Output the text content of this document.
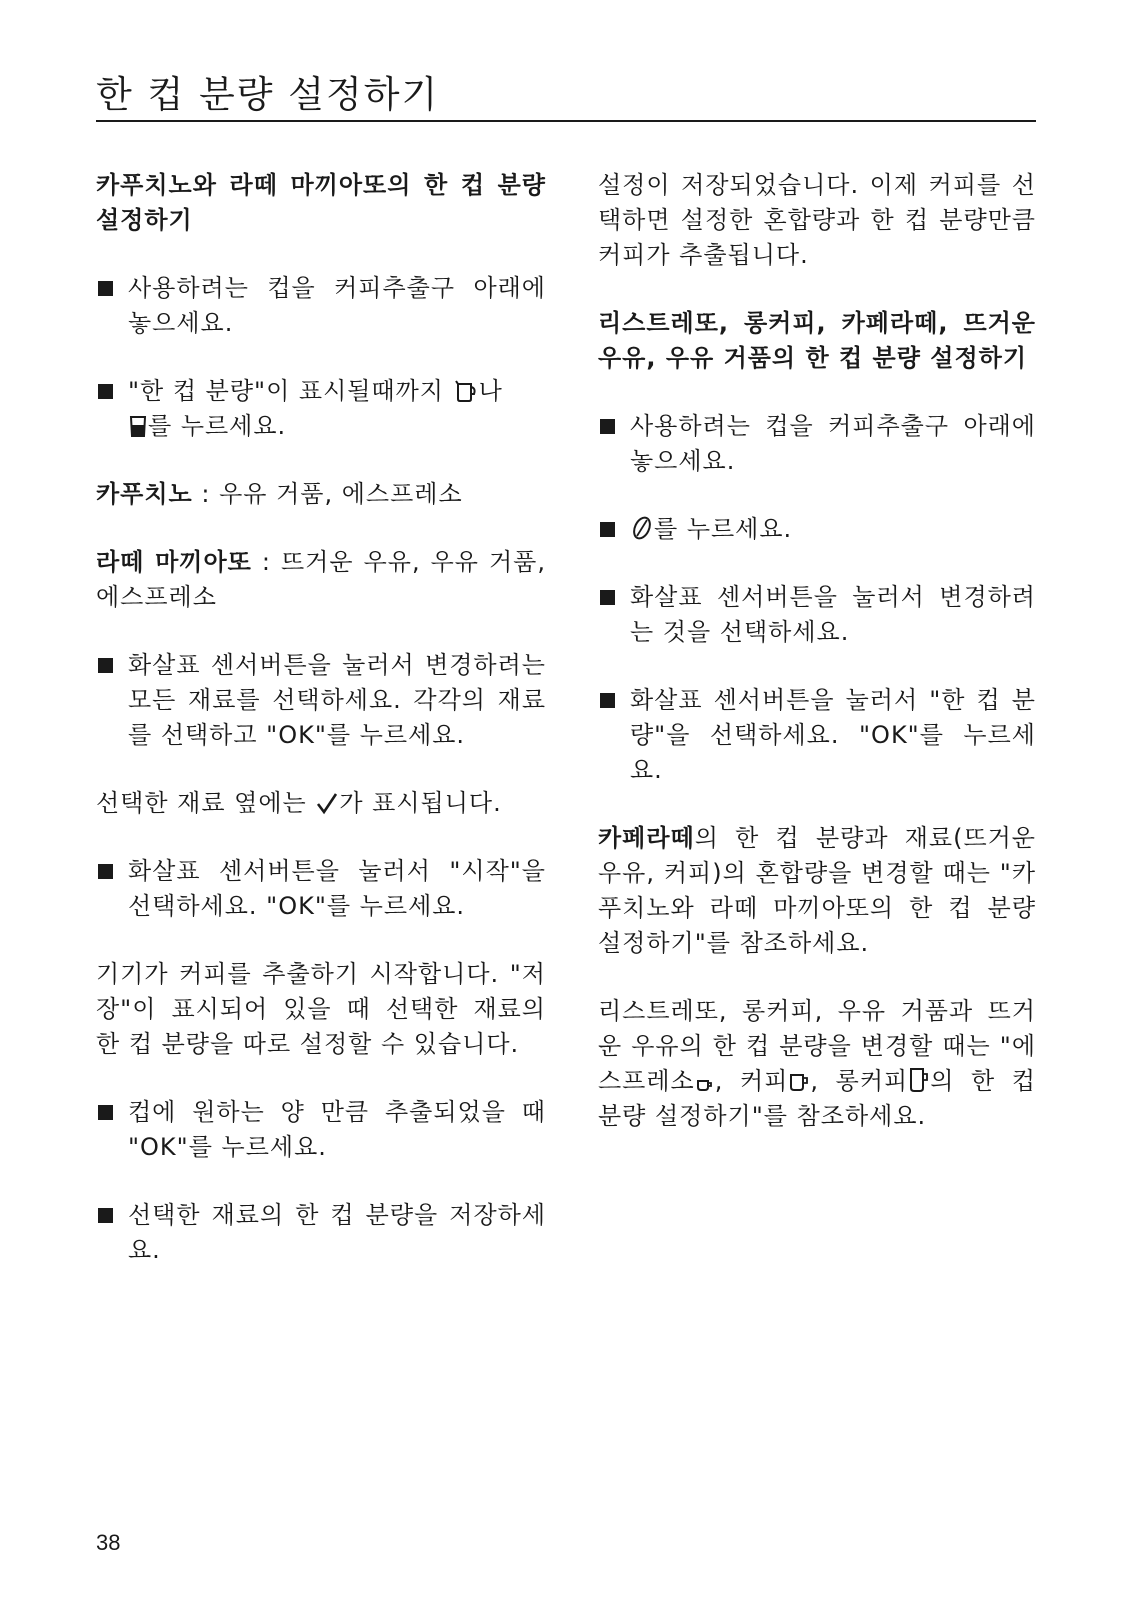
한 컵 분량 설정하기
카푸치노와 라떼 마끼아또의 한 컵 분량 설정하기

사용하려는 컵을 커피추출구 아래에 놓으세요.

"한 컵 분량"이 표시될때까지 나
를 누르세요.

카푸치노 : 우유 거품, 에스프레소

라떼 마끼아또 : 뜨거운 우유, 우유 거품, 에스프레소

화살표 센서버튼을 눌러서 변경하려는 모든 재료를 선택하세요. 각각의 재료를 선택하고 "OK"를 누르세요.

선택한 재료 옆에는 가 표시됩니다.

화살표 센서버튼을 눌러서 "시작"을 선택하세요. "OK"를 누르세요.

기기가 커피를 추출하기 시작합니다. "저장"이 표시되어 있을 때 선택한 재료의 한 컵 분량을 따로 설정할 수 있습니다.

컵에 원하는 양 만큼 추출되었을 때 "OK"를 누르세요.

선택한 재료의 한 컵 분량을 저장하세요.

설정이 저장되었습니다. 이제 커피를 선택하면 설정한 혼합량과 한 컵 분량만큼 커피가 추출됩니다.

리스트레또, 롱커피, 카페라떼, 뜨거운 우유, 우유 거품의 한 컵 분량 설정하기

사용하려는 컵을 커피추출구 아래에 놓으세요.

를 누르세요.

화살표 센서버튼을 눌러서 변경하려는 것을 선택하세요.

화살표 센서버튼을 눌러서 "한 컵 분량"을 선택하세요. "OK"를 누르세요.

카페라떼의 한 컵 분량과 재료(뜨거운 우유, 커피)의 혼합량을 변경할 때는 "카푸치노와 라떼 마끼아또의 한 컵 분량 설정하기"를 참조하세요.

리스트레또, 롱커피, 우유 거품과 뜨거운 우유의 한 컵 분량을 변경할 때는 "에스프레소 , 커피 , 롱커피 의 한 컵 분량 설정하기"를 참조하세요.

38
